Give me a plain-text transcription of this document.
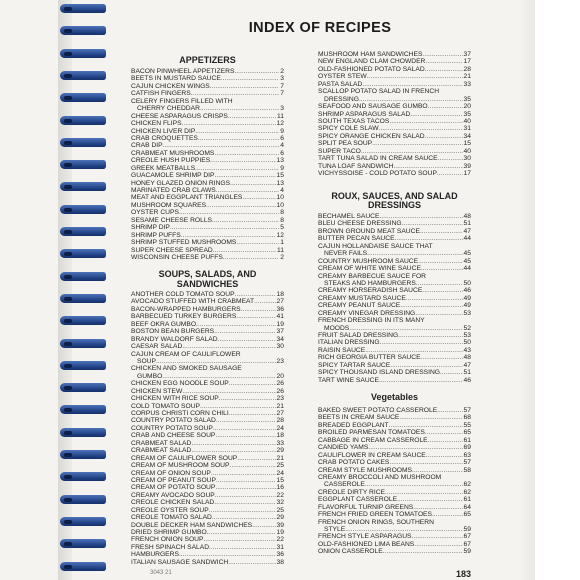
INDEX OF RECIPES
APPETIZERS
BACON PINWHEEL APPETIZERS .....	2
BEETS IN MUSTARD SAUCE .....	3
CAJUN CHICKEN WINGS .....	7
CATFISH FINGERS .....	7
CELERY FINGERS FILLED WITH
CHERRY CHEDDAR .....	3
CHEESE ASPARAGUS CRISPS .....	11
CHICKEN FLIPS .....	12
CHICKEN LIVER DIP .....	9
CRAB CROQUETTES .....	6
CRAB DIP .....	4
CRABMEAT MUSHROOMS .....	6
CREOLE HUSH PUPPIES .....	13
GREEK MEATBALLS .....	9
GUACAMOLE SHRIMP DIP .....	15
HONEY GLAZED ONION RINGS .....	13
MARINATED CRAB CLAWS .....	4
MEAT AND EGGPLANT TRIANGLES .....	10
MUSHROOM SQUARES .....	10
OYSTER CUPS .....	8
SESAME CHEESE ROLLS .....	8
SHRIMP DIP .....	5
SHRIMP PUFFS .....	12
SHRIMP STUFFED MUSHROOMS .....	1
SUPER CHEESE SPREAD .....	11
WISCONSIN CHEESE PUFFS .....	2
SOUPS, SALADS, AND
SANDWICHES
ANOTHER COLD TOMATO SOUP .....	18
AVOCADO STUFFED WITH CRABMEAT .....	27
BACON-WRAPPED HAMBURGERS .....	36
BARBECUED TURKEY BURGERS .....	41
BEEF OKRA GUMBO .....	19
BOSTON BEAN BURGERS .....	37
BRANDY WALDORF SALAD .....	34
CAESAR SALAD .....	30
CAJUN CREAM OF CAULIFLOWER
SOUP .....	23
CHICKEN AND SMOKED SAUSAGE
GUMBO .....	20
CHICKEN EGG NOODLE SOUP .....	26
CHICKEN STEW .....	26
CHICKEN WITH RICE SOUP .....	23
COLD TOMATO SOUP .....	21
CORPUS CHRISTI CORN CHILI .....	27
COUNTRY POTATO SALAD .....	28
COUNTRY POTATO SOUP .....	24
CRAB AND CHEESE SOUP .....	18
CRABMEAT SALAD .....	33
CRABMEAT SALAD .....	29
CREAM OF CAULIFLOWER SOUP .....	21
CREAM OF MUSHROOM SOUP .....	25
CREAM OF ONION SOUP .....	24
CREAM OF PEANUT SOUP .....	15
CREAM OF POTATO SOUP .....	16
CREAMY AVOCADO SOUP .....	22
CREOLE CHICKEN SALAD .....	32
CREOLE OYSTER SOUP .....	25
CREOLE TOMATO SALAD .....	29
DOUBLE DECKER HAM SANDWICHES .....	39
DRIED SHRIMP GUMBO .....	19
FRENCH ONION SOUP .....	22
FRESH SPINACH SALAD .....	31
HAMBURGERS .....	36
ITALIAN SAUSAGE SANDWICH .....	38
MUSHROOM HAM SANDWICHES .....	37
NEW ENGLAND CLAM CHOWDER .....	17
OLD-FASHIONED POTATO SALAD .....	28
OYSTER STEW .....	21
PASTA SALAD .....	33
SCALLOP POTATO SALAD IN FRENCH
DRESSING .....	35
SEAFOOD AND SAUSAGE GUMBO .....	20
SHRIMP ASPARAGUS SALAD .....	35
SOUTH TEXAS TACOS .....	40
SPICY COLE SLAW .....	31
SPICY ORANGE CHICKEN SALAD .....	34
SPLIT PEA SOUP .....	15
SUPER TACO .....	40
TART TUNA SALAD IN CREAM SAUCE .....	30
TUNA LOAF SANDWICH .....	39
VICHYSSOISE - COLD POTATO SOUP .....	17
ROUX, SAUCES, AND SALAD
DRESSINGS
BECHAMEL SAUCE .....	48
BLEU CHEESE DRESSING .....	51
BROWN GROUND MEAT SAUCE .....	47
BUTTER PECAN SAUCE .....	44
CAJUN HOLLANDAISE SAUCE THAT
NEVER FAILS .....	45
COUNTRY MUSHROOM SAUCE .....	45
CREAM OF WHITE WINE SAUCE .....	44
CREAMY BARBECUE SAUCE FOR
STEAKS AND HAMBURGERS .....	50
CREAMY HORSERADISH SAUCE .....	46
CREAMY MUSTARD SAUCE .....	49
CREAMY PEANUT SAUCE .....	49
CREAMY VINEGAR DRESSING .....	53
FRENCH DRESSING IN ITS MANY
MOODS .....	52
FRUIT SALAD DRESSING .....	53
ITALIAN DRESSING .....	50
RAISIN SAUCE .....	43
RICH GEORGIA BUTTER SAUCE .....	48
SPICY TARTAR SAUCE .....	47
SPICY THOUSAND ISLAND DRESSING .....	51
TART WINE SAUCE .....	46
Vegetables
BAKED SWEET POTATO CASSEROLE .....	57
BEETS IN CREAM SAUCE .....	68
BREADED EGGPLANT .....	55
BROILED PARMESAN TOMATOES .....	65
CABBAGE IN CREAM CASSEROLE .....	61
CANDIED YAMS .....	69
CAULIFLOWER IN CREAM SAUCE .....	63
CRAB POTATO CAKES .....	57
CREAM STYLE MUSHROOMS .....	58
CREAMY BROCCOLI AND MUSHROOM
CASSEROLE .....	62
CREOLE DIRTY RICE .....	62
EGGPLANT CASSEROLE .....	61
FLAVORFUL TURNIP GREENS .....	64
FRENCH FRIED GREEN TOMATOES .....	65
FRENCH ONION RINGS, SOUTHERN
STYLE .....	59
FRENCH STYLE ASPARAGUS .....	67
OLD-FASHIONED LIMA BEANS .....	67
ONION CASSEROLE .....	59
3043 21	183
